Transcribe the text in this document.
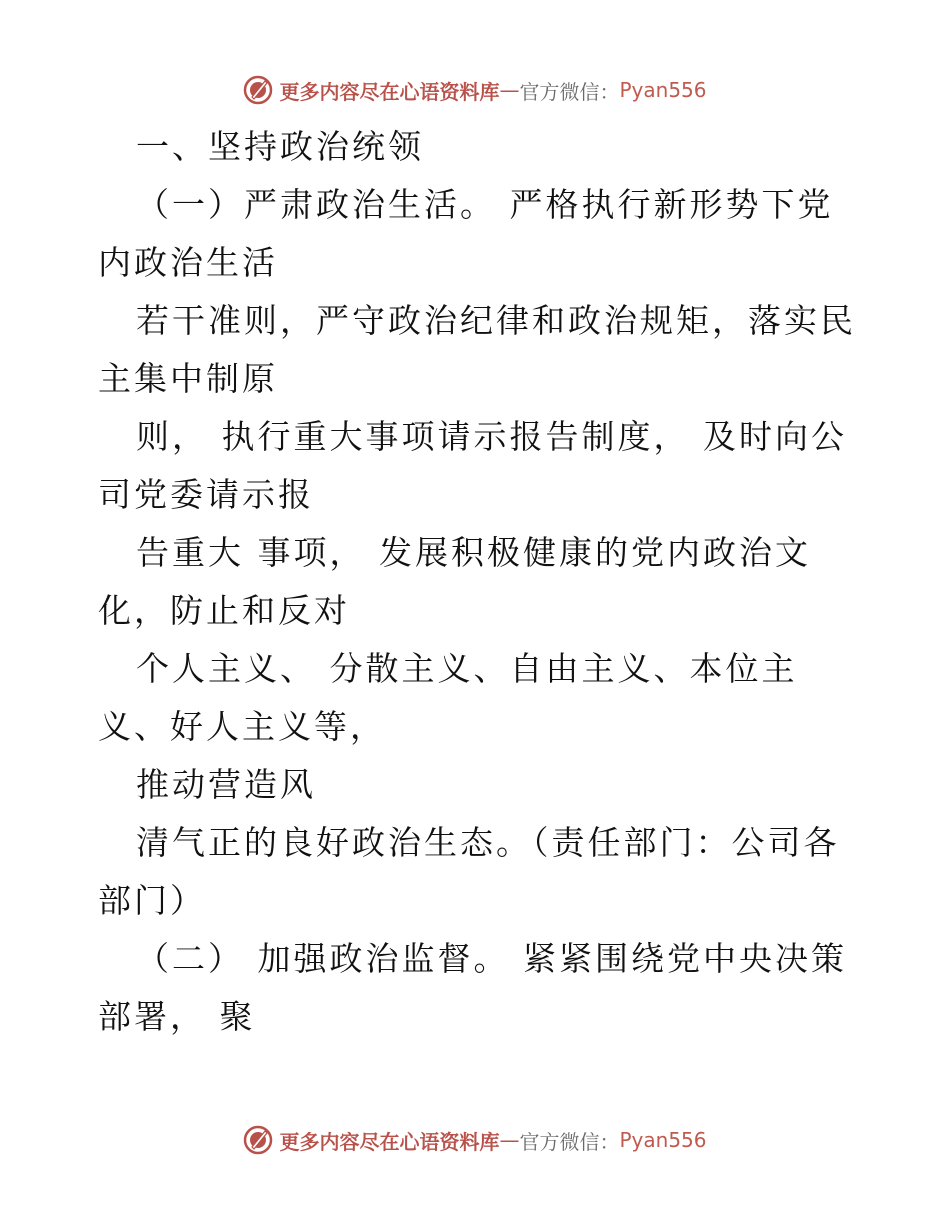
更多内容尽在心语资料库 — 官方微信： Pyan556

一、坚持政治统领

（一）严肃政治生活。 严格执行新形势下党内政治生活

若干准则，严守政治纪律和政治规矩，落实民主集中制原

则， 执行重大事项请示报告制度， 及时向公司党委请示报

告重大 事项， 发展积极健康的党内政治文化，防止和反对

个人主义、 分散主义、自由主义、本位主义、好人主义等，

推动营造风

清气正的良好政治生态。（责任部门：公司各部门）

（二） 加强政治监督。 紧紧围绕党中央决策部署， 聚

更多内容尽在心语资料库 — 官方微信： Pyan556
